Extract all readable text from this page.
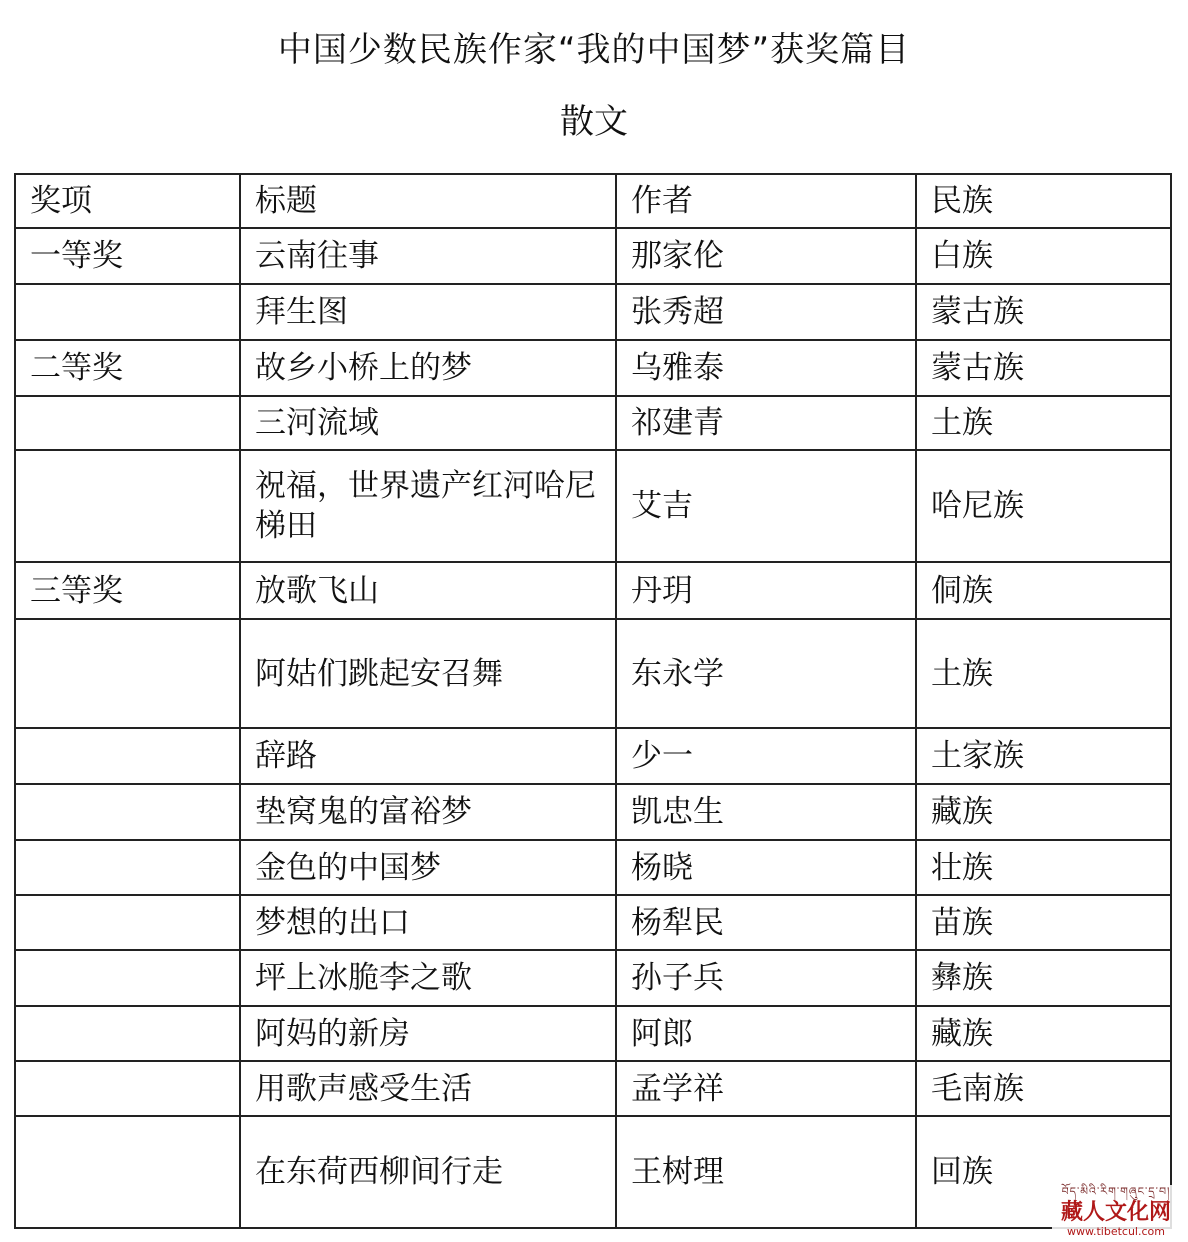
中国少数民族作家“我的中国梦”获奖篇目
散文
奖项	标题	作者	民族
一等奖	云南往事	那家伦	白族
	拜生图	张秀超	蒙古族
二等奖	故乡小桥上的梦	乌雅泰	蒙古族
	三河流域	祁建青	土族
	祝福，世界遗产红河哈尼梯田	艾吉	哈尼族
三等奖	放歌飞山	丹玥	侗族
	阿姑们跳起安召舞	东永学	土族
	辞路	少一	土家族
	垫窝鬼的富裕梦	凯忠生	藏族
	金色的中国梦	杨晓	壮族
	梦想的出口	杨犁民	苗族
	坪上冰脆李之歌	孙子兵	彝族
	阿妈的新房	阿郎	藏族
	用歌声感受生活	孟学祥	毛南族
	在东荷西柳间行走	王树理	回族
བོད་མིའི་རིག་གཞུང་དྲ་བ།
藏人文化网
www.tibetcul.com
